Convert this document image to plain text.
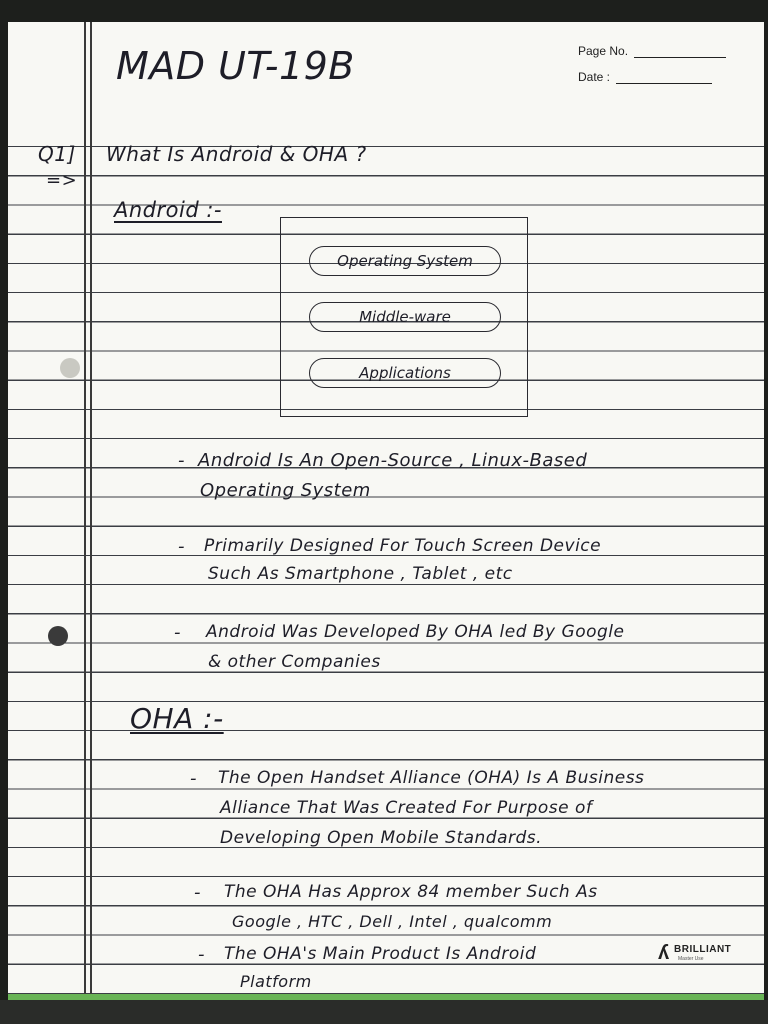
MAD UT-19B	Page No.
Date :
Q1] What Is Android & OHA ?
=>
Android :-
Operating System
Middle-ware
Applications
- Android Is An Open-Source , Linux-Based
Operating System
- Primarily Designed For Touch Screen Device
Such As Smartphone , Tablet , etc
- Android Was Developed By OHA led By Google
& other Companies
OHA :-
- The Open Handset Alliance (OHA) Is A Business
Alliance That Was Created For Purpose of
Developing Open Mobile Standards.
- The OHA Has Approx 84 member Such As
Google , HTC , Dell , Intel , qualcomm
- The OHA's Main Product Is Android
Platform
ʎ BRILLIANT
Master Use
